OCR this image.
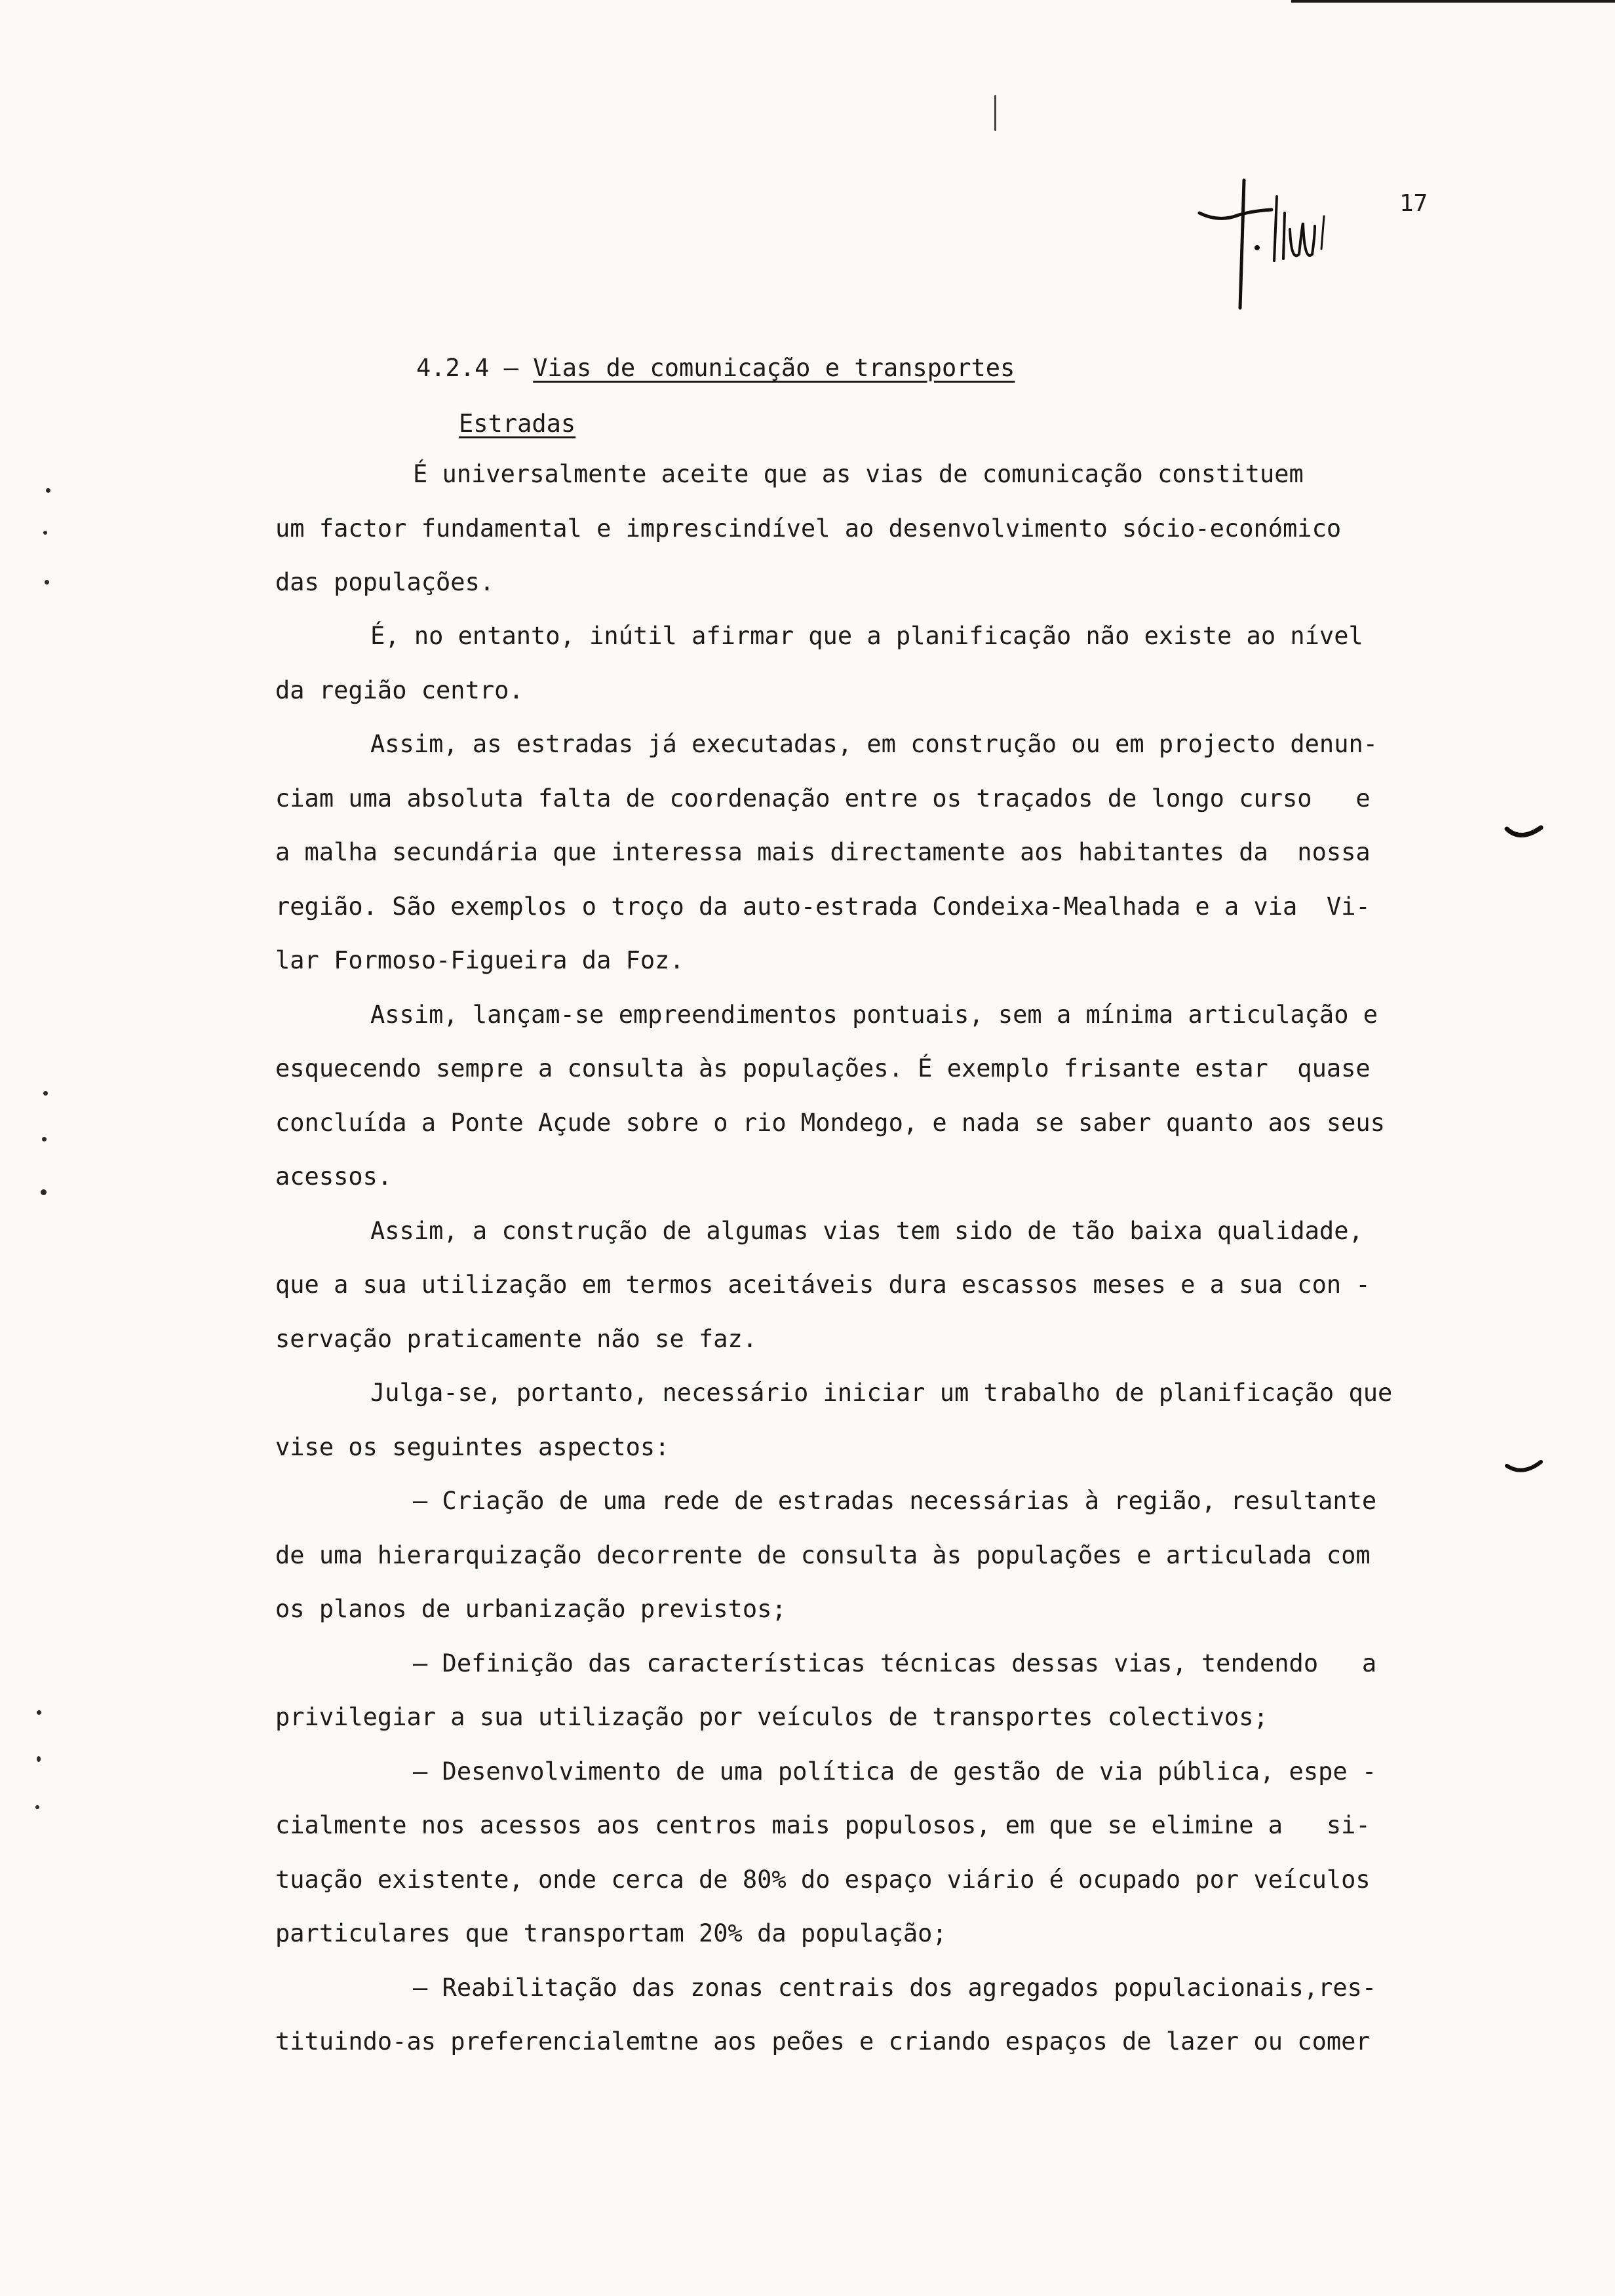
17
4.2.4 – Vias de comunicação e transportes
Estradas
É universalmente aceite que as vias de comunicação constituem
um factor fundamental e imprescindível ao desenvolvimento sócio-económico
das populações.
É, no entanto, inútil afirmar que a planificação não existe ao nível
da região centro.
Assim, as estradas já executadas, em construção ou em projecto denun-
ciam uma absoluta falta de coordenação entre os traçados de longo curso   e
a malha secundária que interessa mais directamente aos habitantes da  nossa
região. São exemplos o troço da auto-estrada Condeixa-Mealhada e a via  Vi-
lar Formoso-Figueira da Foz.
Assim, lançam-se empreendimentos pontuais, sem a mínima articulação e
esquecendo sempre a consulta às populações. É exemplo frisante estar  quase
concluída a Ponte Açude sobre o rio Mondego, e nada se saber quanto aos seus
acessos.
Assim, a construção de algumas vias tem sido de tão baixa qualidade,
que a sua utilização em termos aceitáveis dura escassos meses e a sua con -
servação praticamente não se faz.
Julga-se, portanto, necessário iniciar um trabalho de planificação que
vise os seguintes aspectos:
– Criação de uma rede de estradas necessárias à região, resultante
de uma hierarquização decorrente de consulta às populações e articulada com
os planos de urbanização previstos;
– Definição das características técnicas dessas vias, tendendo   a
privilegiar a sua utilização por veículos de transportes colectivos;
– Desenvolvimento de uma política de gestão de via pública, espe -
cialmente nos acessos aos centros mais populosos, em que se elimine a   si-
tuação existente, onde cerca de 80% do espaço viário é ocupado por veículos
particulares que transportam 20% da população;
– Reabilitação das zonas centrais dos agregados populacionais,res-
tituindo-as preferencialemtne aos peões e criando espaços de lazer ou comer
